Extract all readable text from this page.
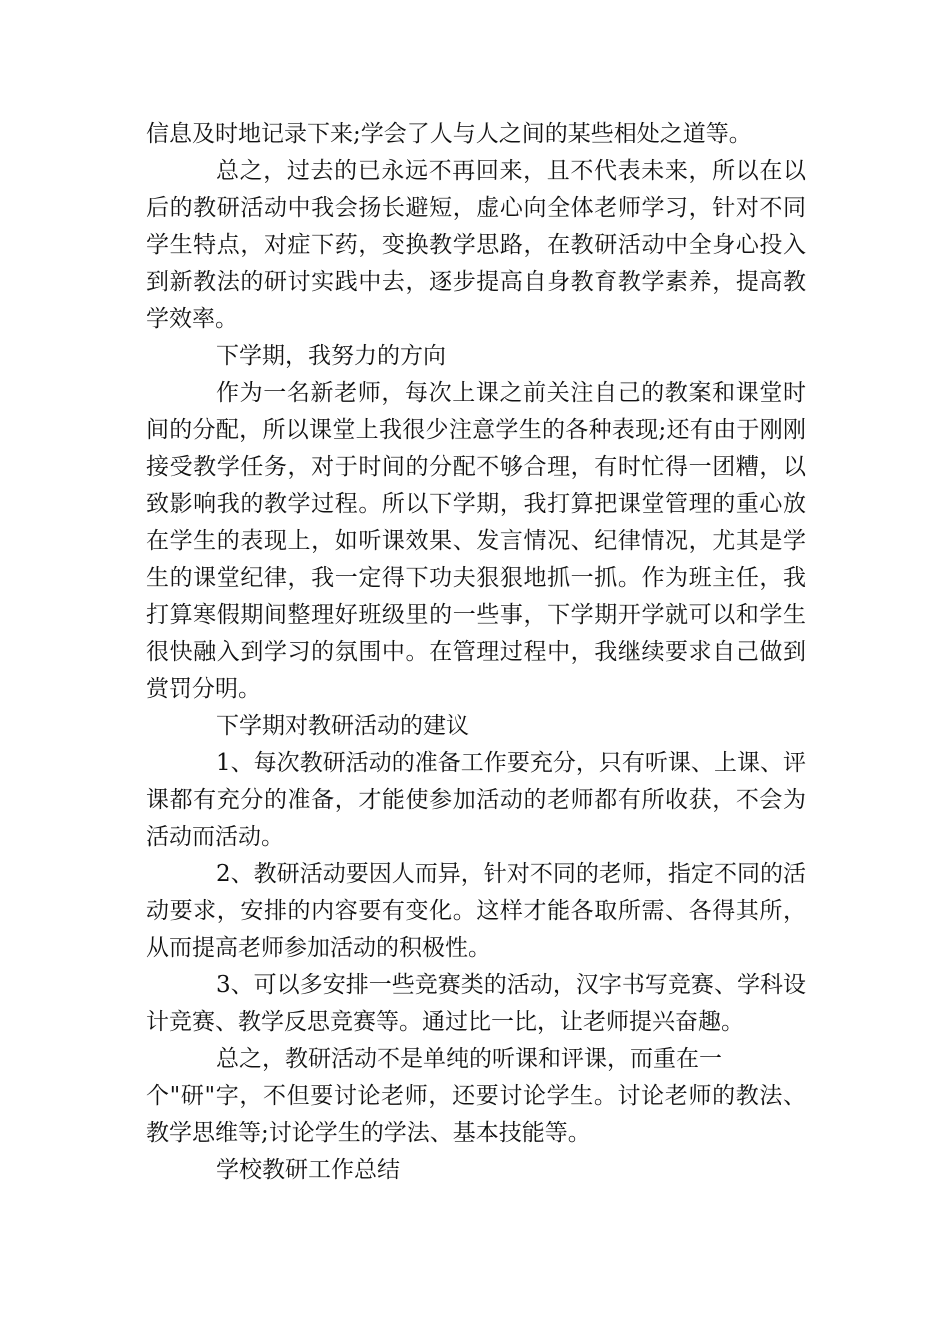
信息及时地记录下来;学会了人与人之间的某些相处之道等。

总之，过去的已永远不再回来，且不代表未来，所以在以后的教研活动中我会扬长避短，虚心向全体老师学习，针对不同学生特点，对症下药，变换教学思路，在教研活动中全身心投入到新教法的研讨实践中去，逐步提高自身教育教学素养，提高教学效率。

下学期，我努力的方向

作为一名新老师，每次上课之前关注自己的教案和课堂时间的分配，所以课堂上我很少注意学生的各种表现;还有由于刚刚接受教学任务，对于时间的分配不够合理，有时忙得一团糟，以致影响我的教学过程。所以下学期，我打算把课堂管理的重心放在学生的表现上，如听课效果、发言情况、纪律情况，尤其是学生的课堂纪律，我一定得下功夫狠狠地抓一抓。作为班主任，我打算寒假期间整理好班级里的一些事，下学期开学就可以和学生很快融入到学习的氛围中。在管理过程中，我继续要求自己做到赏罚分明。

下学期对教研活动的建议

1、每次教研活动的准备工作要充分，只有听课、上课、评课都有充分的准备，才能使参加活动的老师都有所收获，不会为活动而活动。

2、教研活动要因人而异，针对不同的老师，指定不同的活动要求，安排的内容要有变化。这样才能各取所需、各得其所，从而提高老师参加活动的积极性。

3、可以多安排一些竞赛类的活动，汉字书写竞赛、学科设计竞赛、教学反思竞赛等。通过比一比，让老师提兴奋趣。

总之，教研活动不是单纯的听课和评课，而重在一

个"研"字，不但要讨论老师，还要讨论学生。讨论老师的教法、教学思维等;讨论学生的学法、基本技能等。

学校教研工作总结
